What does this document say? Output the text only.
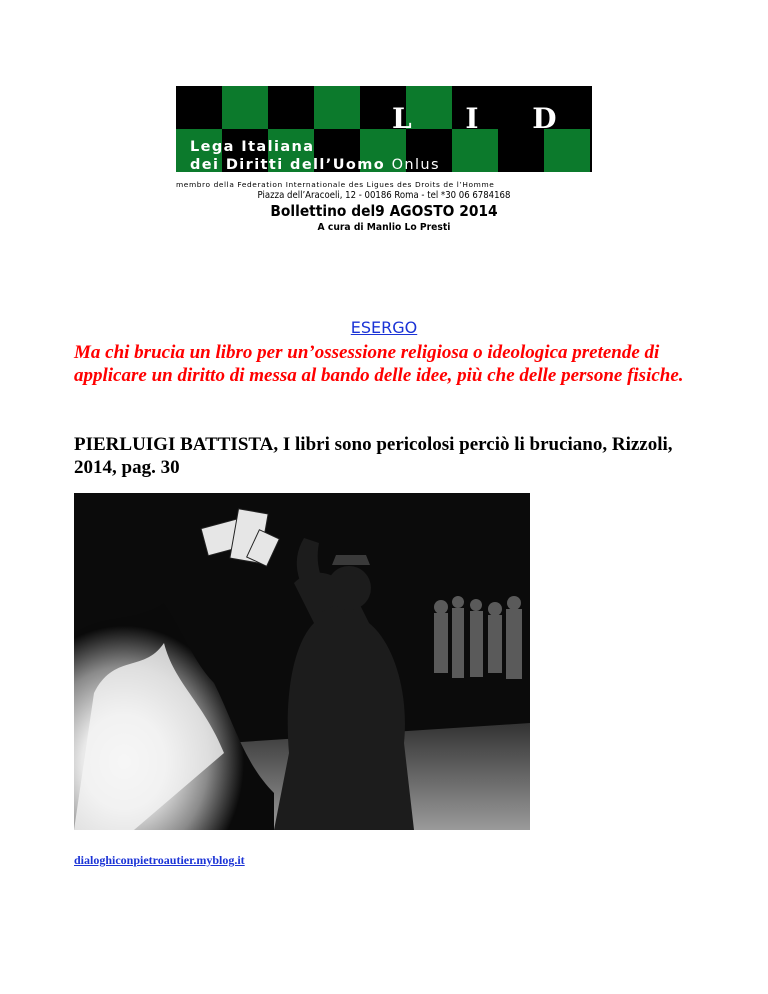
L I D U
Lega Italiana
dei Diritti dell’Uomo Onlus
membro della Federation Internationale des Ligues des Droits de l’Homme
Piazza dell’Aracoeli, 12 - 00186 Roma - tel *30 06 6784168
Bollettino del9 AGOSTO 2014
A cura di Manlio Lo Presti
ESERGO
Ma chi brucia un libro per un’ossessione religiosa o ideologica pretende di applicare un diritto di messa al bando delle idee, più che delle persone fisiche.
PIERLUIGI BATTISTA, I libri sono pericolosi perciò li bruciano, Rizzoli, 2014, pag. 30
dialoghiconpietroautier.myblog.it
